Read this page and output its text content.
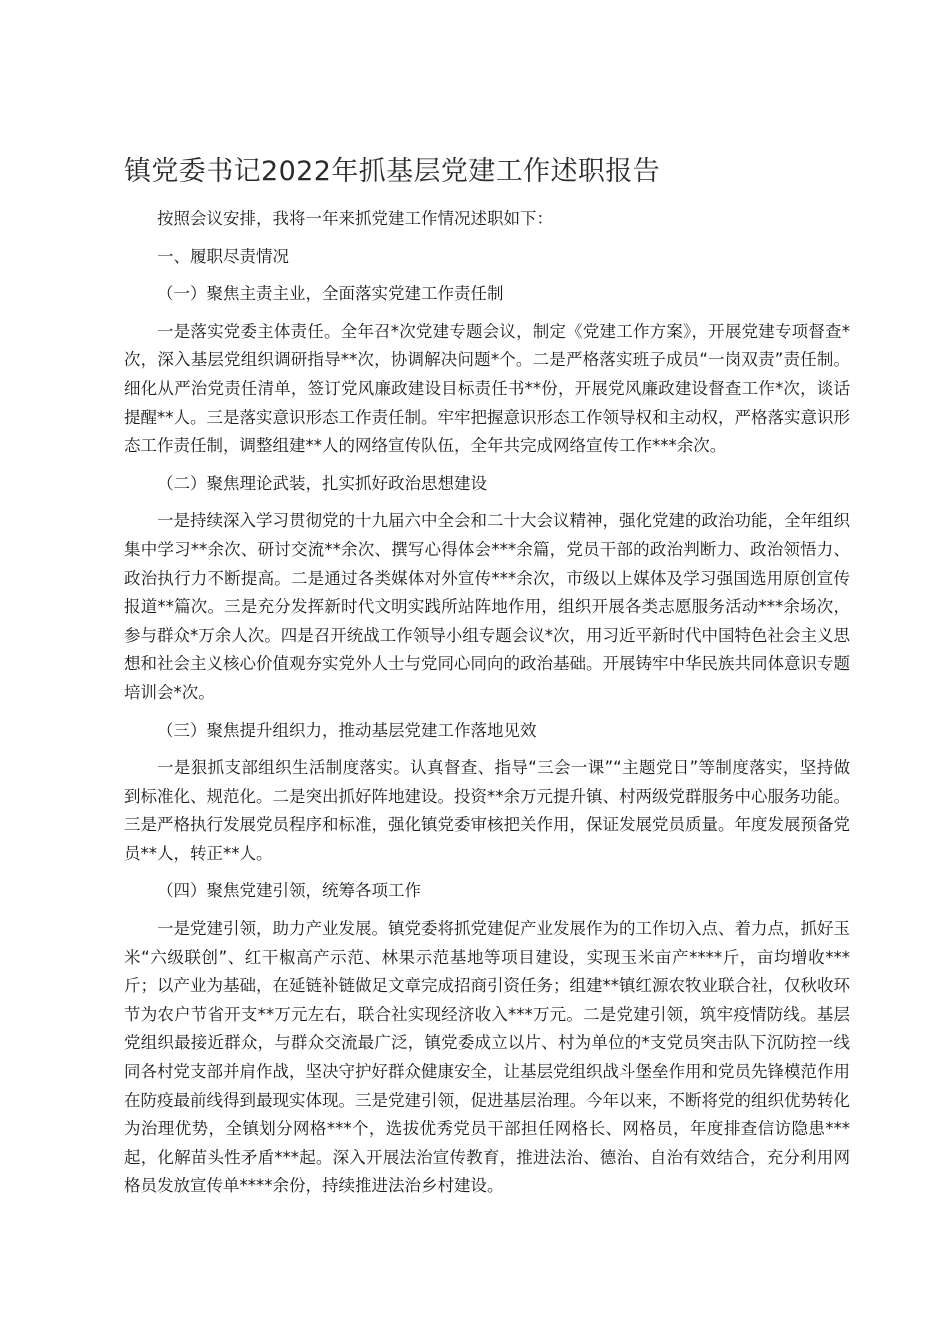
镇党委书记2022年抓基层党建工作述职报告

按照会议安排，我将一年来抓党建工作情况述职如下：

一、履职尽责情况

（一）聚焦主责主业，全面落实党建工作责任制

一是落实党委主体责任。全年召*次党建专题会议，制定《党建工作方案》，开展党建专项督查*次，深入基层党组织调研指导**次，协调解决问题*个。二是严格落实班子成员“一岗双责”责任制。细化从严治党责任清单，签订党风廉政建设目标责任书**份，开展党风廉政建设督查工作*次，谈话提醒**人。三是落实意识形态工作责任制。牢牢把握意识形态工作领导权和主动权，严格落实意识形态工作责任制，调整组建**人的网络宣传队伍，全年共完成网络宣传工作***余次。

（二）聚焦理论武装，扎实抓好政治思想建设

一是持续深入学习贯彻党的十九届六中全会和二十大会议精神，强化党建的政治功能，全年组织集中学习**余次、研讨交流**余次、撰写心得体会***余篇，党员干部的政治判断力、政治领悟力、政治执行力不断提高。二是通过各类媒体对外宣传***余次，市级以上媒体及学习强国选用原创宣传报道**篇次。三是充分发挥新时代文明实践所站阵地作用，组织开展各类志愿服务活动***余场次，参与群众*万余人次。四是召开统战工作领导小组专题会议*次，用习近平新时代中国特色社会主义思想和社会主义核心价值观夯实党外人士与党同心同向的政治基础。开展铸牢中华民族共同体意识专题培训会*次。

（三）聚焦提升组织力，推动基层党建工作落地见效

一是狠抓支部组织生活制度落实。认真督查、指导“三会一课”“主题党日”等制度落实，坚持做到标准化、规范化。二是突出抓好阵地建设。投资**余万元提升镇、村两级党群服务中心服务功能。三是严格执行发展党员程序和标准，强化镇党委审核把关作用，保证发展党员质量。年度发展预备党员**人，转正**人。

（四）聚焦党建引领，统筹各项工作

一是党建引领，助力产业发展。镇党委将抓党建促产业发展作为的工作切入点、着力点，抓好玉米“六级联创”、红干椒高产示范、林果示范基地等项目建设，实现玉米亩产****斤，亩均增收***斤；以产业为基础，在延链补链做足文章完成招商引资任务；组建**镇红源农牧业联合社，仅秋收环节为农户节省开支**万元左右，联合社实现经济收入***万元。二是党建引领，筑牢疫情防线。基层党组织最接近群众，与群众交流最广泛，镇党委成立以片、村为单位的*支党员突击队下沉防控一线同各村党支部并肩作战，坚决守护好群众健康安全，让基层党组织战斗堡垒作用和党员先锋模范作用在防疫最前线得到最现实体现。三是党建引领，促进基层治理。今年以来，不断将党的组织优势转化为治理优势，全镇划分网格***个，选拔优秀党员干部担任网格长、网格员，年度排查信访隐患***起，化解苗头性矛盾***起。深入开展法治宣传教育，推进法治、德治、自治有效结合，充分利用网格员发放宣传单****余份，持续推进法治乡村建设。
